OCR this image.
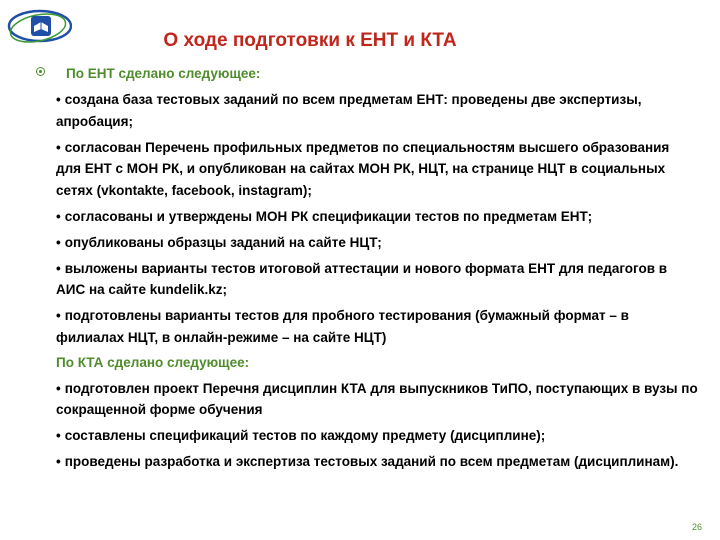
О ходе подготовки к ЕНТ и КТА
По ЕНТ сделано следующее:
• создана база тестовых заданий по всем предметам ЕНТ: проведены две экспертизы, апробация;
• согласован Перечень профильных предметов по специальностям высшего образования для ЕНТ с МОН РК, и опубликован на сайтах МОН РК, НЦТ, на странице НЦТ в социальных сетях (vkontakte, facebook, instagram);
• согласованы и утверждены МОН РК спецификации тестов по предметам ЕНТ;
• опубликованы образцы заданий на сайте НЦТ;
• выложены варианты тестов итоговой аттестации и нового формата ЕНТ для педагогов в АИС на сайте kundelik.kz;
• подготовлены варианты тестов для пробного тестирования (бумажный формат – в филиалах НЦТ, в онлайн-режиме – на сайте НЦТ)
По КТА сделано следующее:
• подготовлен проект Перечня дисциплин КТА для выпускников ТиПО, поступающих в вузы по сокращенной форме обучения
• составлены спецификаций тестов по каждому предмету (дисциплине);
• проведены разработка и экспертиза тестовых заданий по всем предметам (дисциплинам).
26
